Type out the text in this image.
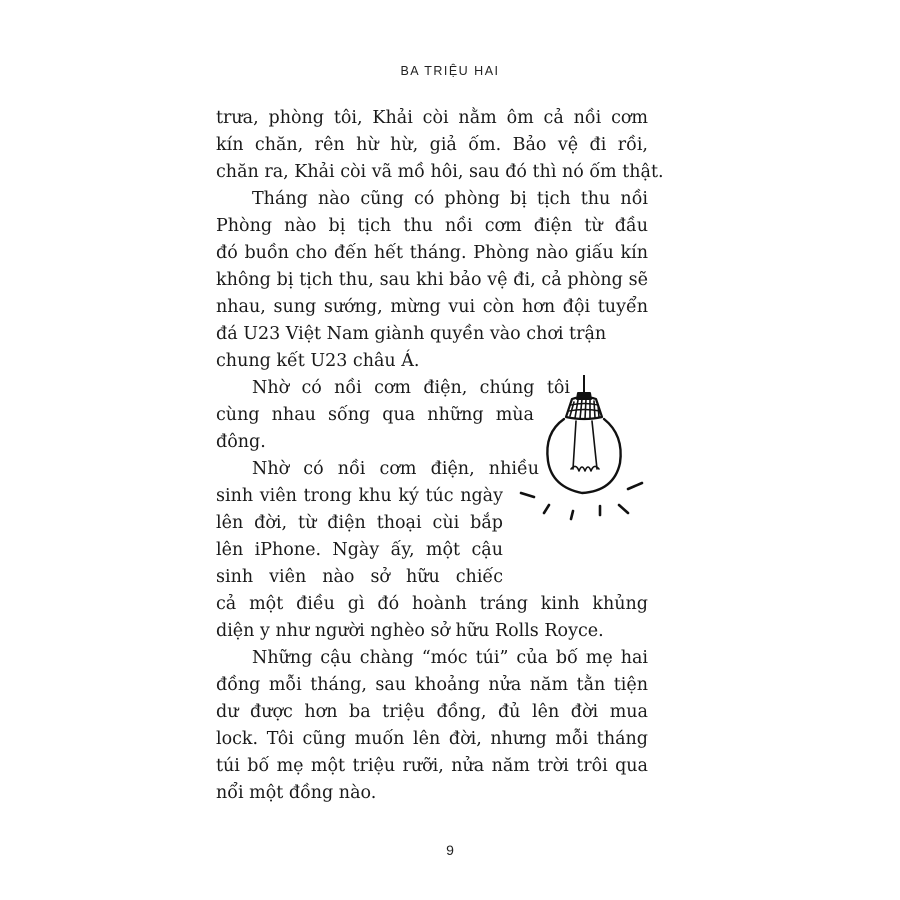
BA TRIỆU HAI
trưa, phòng tôi, Khải còi nằm ôm cả nồi cơm
kín chăn, rên hừ hừ, giả ốm. Bảo vệ đi rồi,
chăn ra, Khải còi vã mồ hôi, sau đó thì nó ốm thật.
Tháng nào cũng có phòng bị tịch thu nồi
Phòng nào bị tịch thu nồi cơm điện từ đầu
đó buồn cho đến hết tháng. Phòng nào giấu kín
không bị tịch thu, sau khi bảo vệ đi, cả phòng sẽ
nhau, sung sướng, mừng vui còn hơn đội tuyển
đá U23 Việt Nam giành quyền vào chơi trận
chung kết U23 châu Á.
Nhờ có nồi cơm điện, chúng tôi
cùng nhau sống qua những mùa
đông.
Nhờ có nồi cơm điện, nhiều
sinh viên trong khu ký túc ngày
lên đời, từ điện thoại cùi bắp
lên iPhone. Ngày ấy, một cậu
sinh viên nào sở hữu chiếc
cả một điều gì đó hoành tráng kinh khủng
diện y như người nghèo sở hữu Rolls Royce.
Những cậu chàng “móc túi” của bố mẹ hai
đồng mỗi tháng, sau khoảng nửa năm tằn tiện
dư được hơn ba triệu đồng, đủ lên đời mua
lock. Tôi cũng muốn lên đời, nhưng mỗi tháng
túi bố mẹ một triệu rưỡi, nửa năm trời trôi qua
nổi một đồng nào.
9
